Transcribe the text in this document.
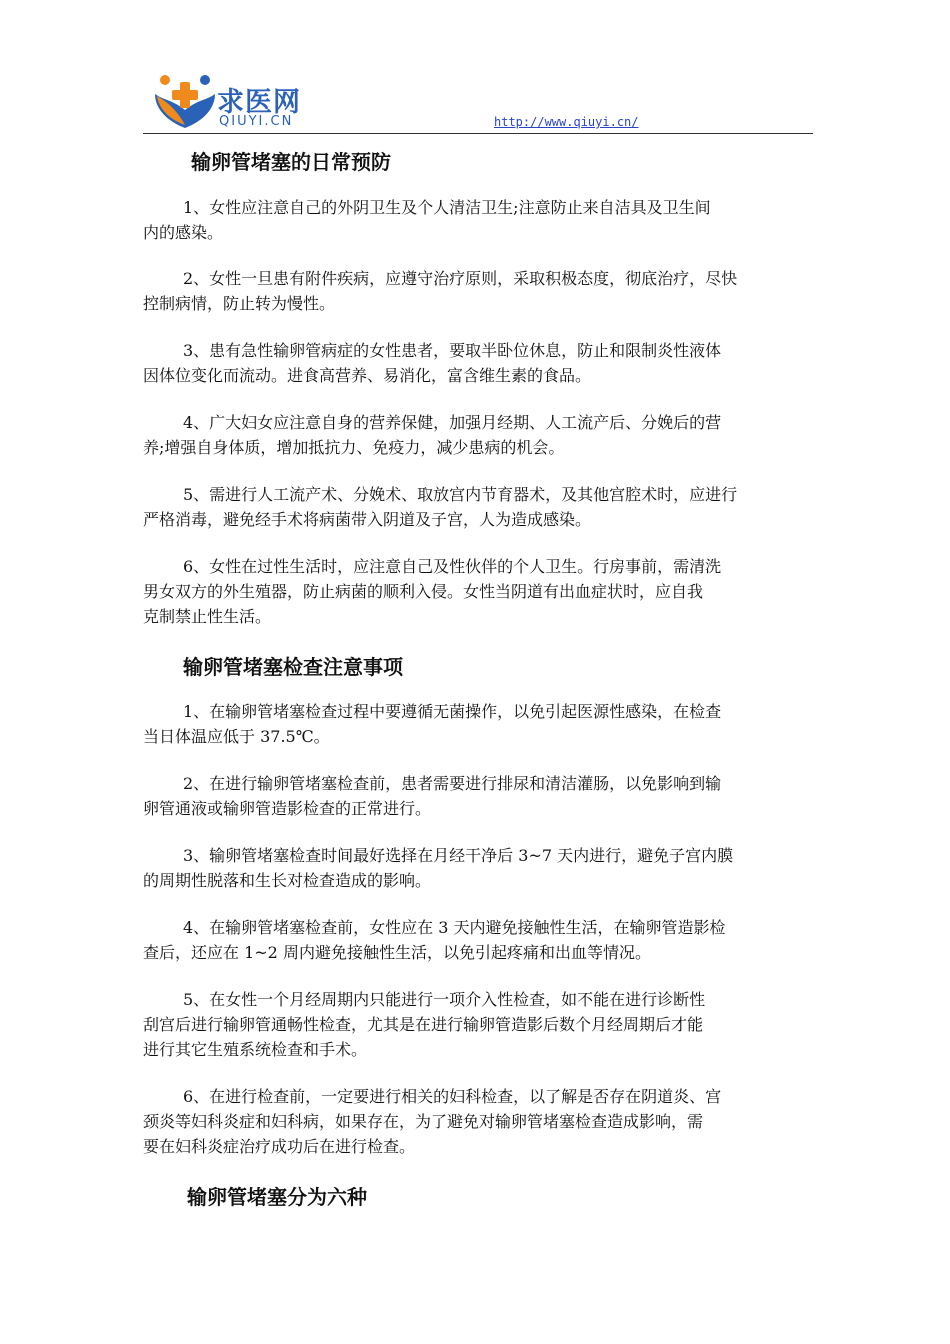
求医网
QIUYI.CN	http://www.qiuyi.cn/
输卵管堵塞的日常预防

1、女性应注意自己的外阴卫生及个人清洁卫生;注意防止来自洁具及卫生间
内的感染。

2、女性一旦患有附件疾病，应遵守治疗原则，采取积极态度，彻底治疗，尽快
控制病情，防止转为慢性。

3、患有急性输卵管病症的女性患者，要取半卧位休息，防止和限制炎性液体
因体位变化而流动。进食高营养、易消化，富含维生素的食品。

4、广大妇女应注意自身的营养保健，加强月经期、人工流产后、分娩后的营
养;增强自身体质，增加抵抗力、免疫力，减少患病的机会。

5、需进行人工流产术、分娩术、取放宫内节育器术，及其他宫腔术时，应进行
严格消毒，避免经手术将病菌带入阴道及子宫，人为造成感染。

6、女性在过性生活时，应注意自己及性伙伴的个人卫生。行房事前，需清洗
男女双方的外生殖器，防止病菌的顺利入侵。女性当阴道有出血症状时，应自我
克制禁止性生活。

输卵管堵塞检查注意事项

1、在输卵管堵塞检查过程中要遵循无菌操作，以免引起医源性感染，在检查
当日体温应低于 37.5℃。

2、在进行输卵管堵塞检查前，患者需要进行排尿和清洁灌肠，以免影响到输
卵管通液或输卵管造影检查的正常进行。

3、输卵管堵塞检查时间最好选择在月经干净后 3~7 天内进行，避免子宫内膜
的周期性脱落和生长对检查造成的影响。

4、在输卵管堵塞检查前，女性应在 3 天内避免接触性生活，在输卵管造影检
查后，还应在 1~2 周内避免接触性生活，以免引起疼痛和出血等情况。

5、在女性一个月经周期内只能进行一项介入性检查，如不能在进行诊断性
刮宫后进行输卵管通畅性检查，尤其是在进行输卵管造影后数个月经周期后才能
进行其它生殖系统检查和手术。

6、在进行检查前，一定要进行相关的妇科检查，以了解是否存在阴道炎、宫
颈炎等妇科炎症和妇科病，如果存在，为了避免对输卵管堵塞检查造成影响，需
要在妇科炎症治疗成功后在进行检查。

输卵管堵塞分为六种
